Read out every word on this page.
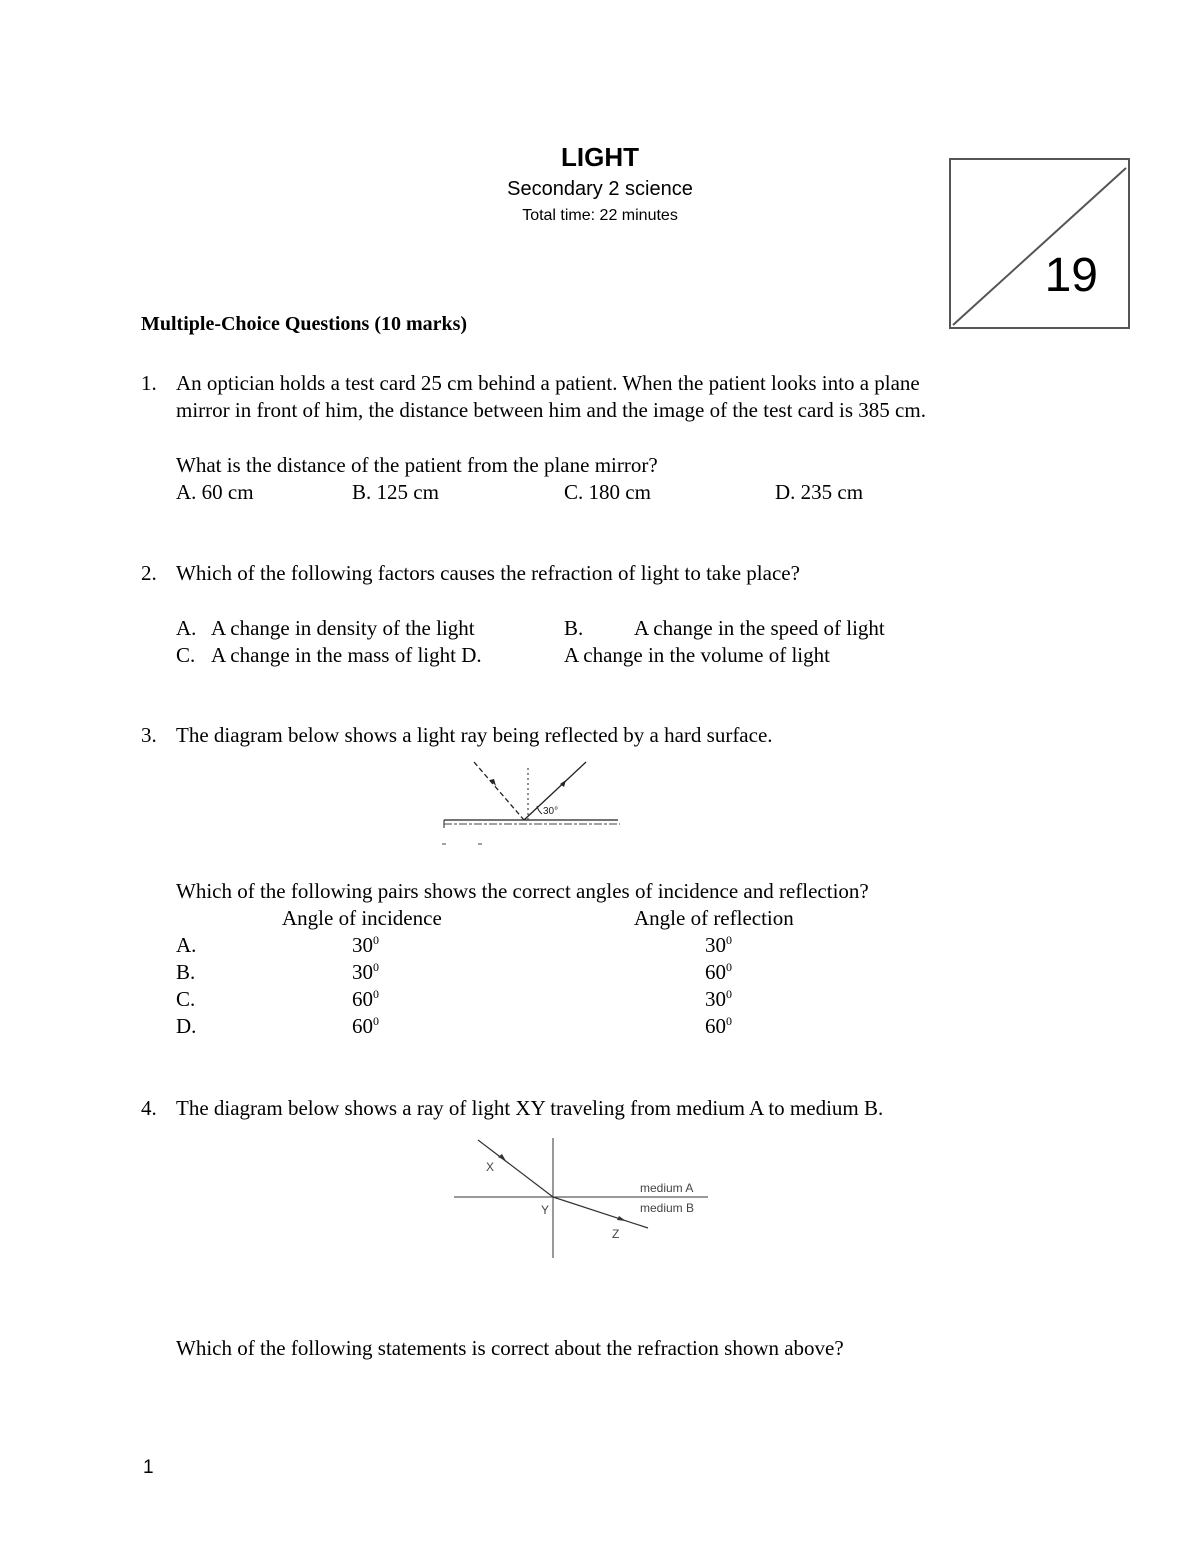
LIGHT
Secondary 2 science
Total time: 22 minutes
19
Multiple-Choice Questions (10 marks)
1. An optician holds a test card 25 cm behind a patient. When the patient looks into a plane
mirror in front of him, the distance between him and the image of the test card is 385 cm.
What is the distance of the patient from the plane mirror?
A. 60 cm	B. 125 cm	C. 180 cm	D. 235 cm
2. Which of the following factors causes the refraction of light to take place?
A. A change in density of the light	B. A change in the speed of light
C. A change in the mass of light D.	A change in the volume of light
3. The diagram below shows a light ray being reflected by a hard surface.
30°
Which of the following pairs shows the correct angles of incidence and reflection?
Angle of incidence	Angle of reflection
A.	$30^0$	$30^0$
B.	$30^0$	$60^0$
C.	$60^0$	$30^0$
D.	$60^0$	$60^0$
4. The diagram below shows a ray of light XY traveling from medium A to medium B.
X
Y
Z
medium A
medium B
Which of the following statements is correct about the refraction shown above?
1
